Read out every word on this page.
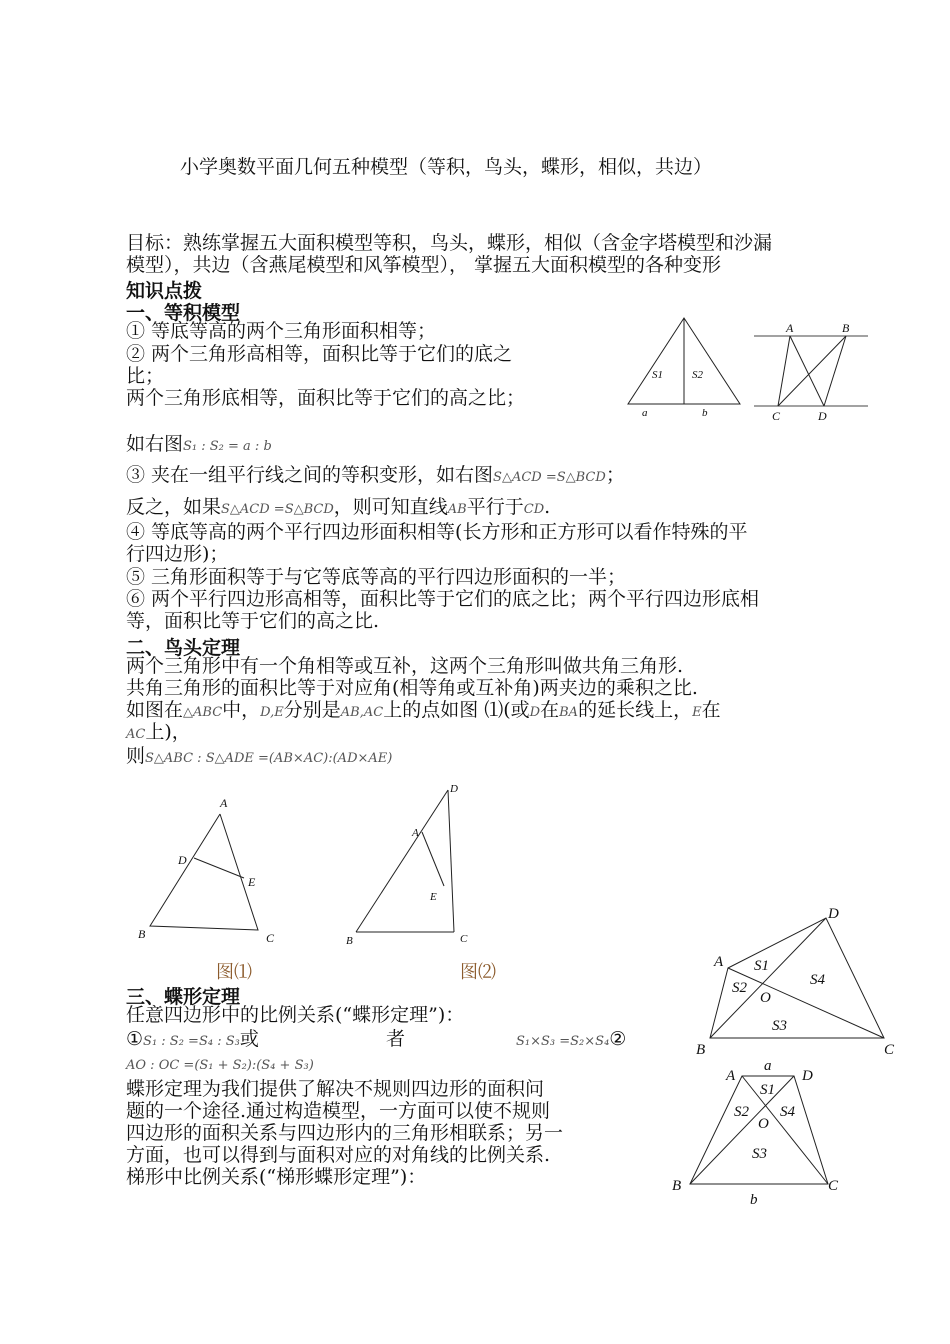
小学奥数平面几何五种模型（等积，鸟头，蝶形，相似，共边）
目标：熟练掌握五大面积模型等积，鸟头，蝶形，相似（含金字塔模型和沙漏
模型），共边（含燕尾模型和风筝模型）， 掌握五大面积模型的各种变形
知识点拨
一、等积模型
① 等底等高的两个三角形面积相等；
② 两个三角形高相等，面积比等于它们的底之
比；
两个三角形底相等，面积比等于它们的高之比；
如右图S₁ : S₂ = a : b
③ 夹在一组平行线之间的等积变形，如右图S△ACD =S△BCD；
反之，如果S△ACD =S△BCD，则可知直线AB平行于CD.
④ 等底等高的两个平行四边形面积相等(长方形和正方形可以看作特殊的平
行四边形)；
⑤ 三角形面积等于与它等底等高的平行四边形面积的一半；
⑥ 两个平行四边形高相等，面积比等于它们的底之比；两个平行四边形底相
等，面积比等于它们的高之比.
二、鸟头定理
两个三角形中有一个角相等或互补，这两个三角形叫做共角三角形.
共角三角形的面积比等于对应角(相等角或互补角)两夹边的乘积之比.
如图在△ABC中，D,E分别是AB,AC上的点如图 ⑴(或D在BA的延长线上，E在
AC上)，
则S△ABC : S△ADE =(AB×AC):(AD×AE)
图⑴	图⑵
三、蝶形定理
任意四边形中的比例关系(“蝶形定理”)：
①S₁ : S₂ =S₄ : S₃或	者	S₁×S₃ =S₂×S₄②
AO : OC =(S₁ + S₂):(S₄ + S₃)
蝶形定理为我们提供了解决不规则四边形的面积问
题的一个途径.通过构造模型，一方面可以使不规则
四边形的面积关系与四边形内的三角形相联系；另一
方面，也可以得到与面积对应的对角线的比例关系.
梯形中比例关系(“梯形蝶形定理”)：
S1	S2
a	b
A	B
C	D
A
D
E
B	C
D
A
E
B	C
A
D
B	C
O
S1
S2
S3
S4
A
a
D
B
b
C
O
S1
S2
S3
S4
